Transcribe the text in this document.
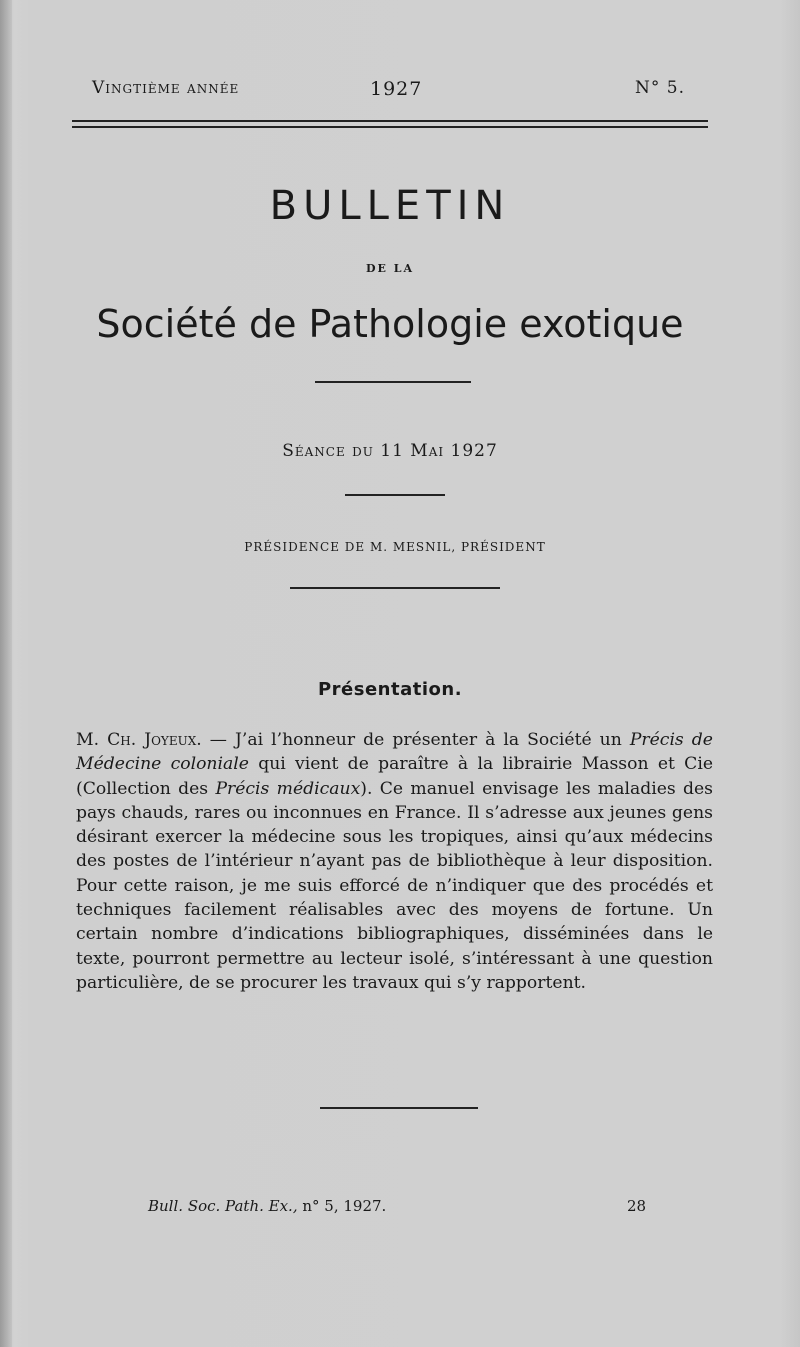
Vingtième année	1927	N° 5.
BULLETIN
DE LA
Société de Pathologie exotique
Séance du 11 Mai 1927
PRÉSIDENCE DE M. MESNIL, PRÉSIDENT
Présentation.
M. Ch. Joyeux. — J’ai l’honneur de présenter à la Société un Précis de Médecine coloniale qui vient de paraître à la librairie Masson et Cie (Collection des Précis médicaux). Ce manuel envisage les maladies des pays chauds, rares ou inconnues en France. Il s’adresse aux jeunes gens désirant exercer la médecine sous les tropiques, ainsi qu’aux médecins des postes de l’intérieur n’ayant pas de bibliothèque à leur disposition. Pour cette raison, je me suis efforcé de n’indiquer que des procédés et techniques facilement réalisables avec des moyens de fortune. Un certain nombre d’indications bibliographiques, disséminées dans le texte, pourront permettre au lecteur isolé, s’intéressant à une question particulière, de se procurer les travaux qui s’y rapportent.
Bull. Soc. Path. Ex., n° 5, 1927.	28
